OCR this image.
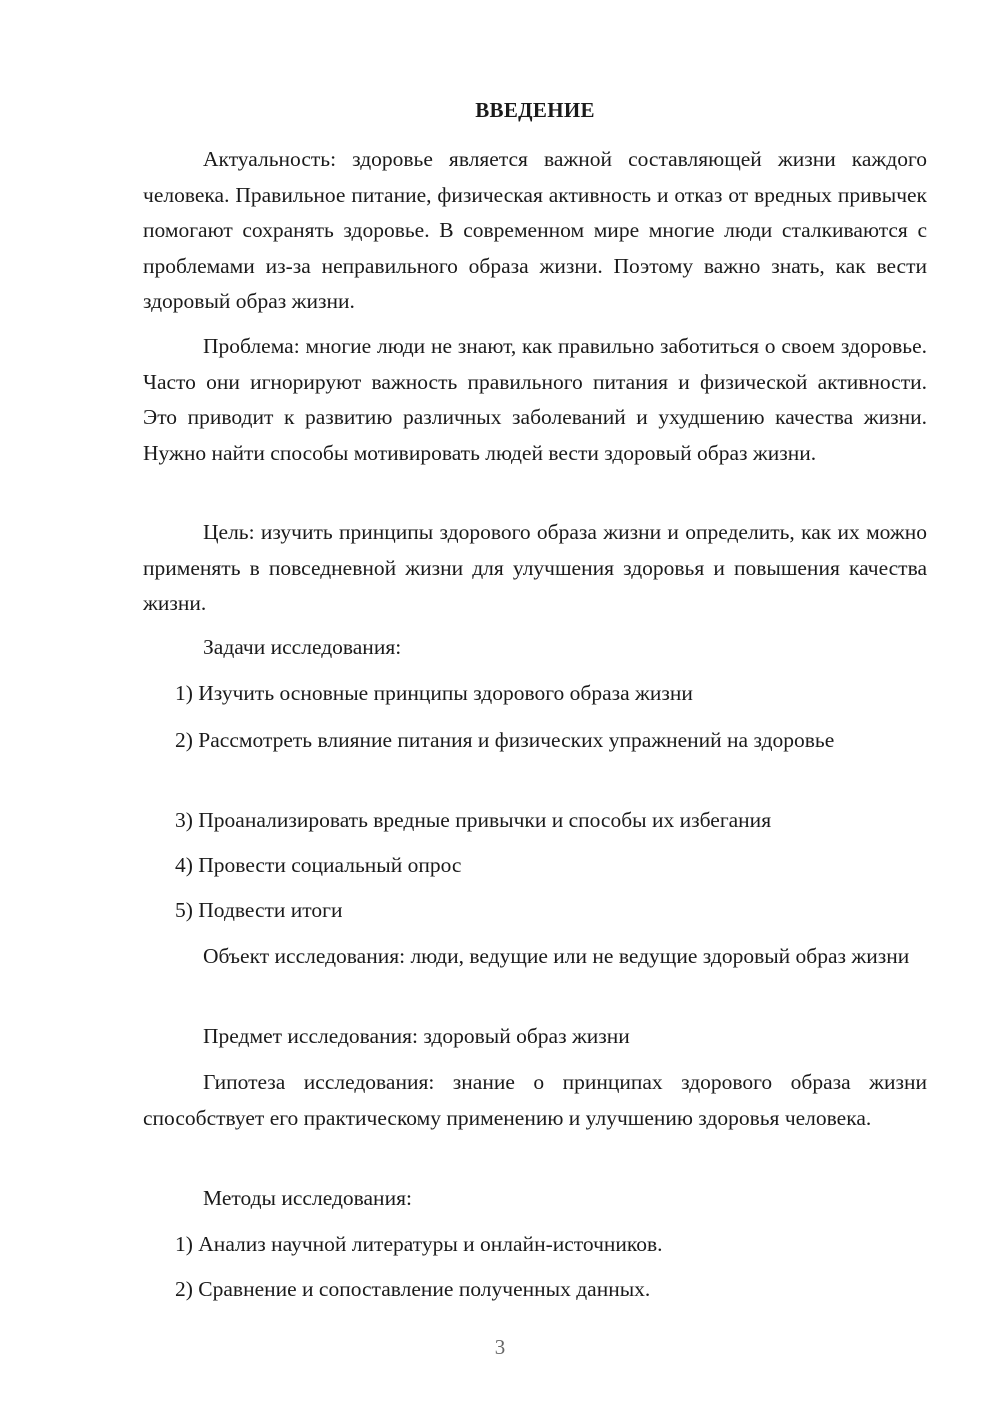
ВВЕДЕНИЕ

Актуальность: здоровье является важной составляющей жизни каждого человека. Правильное питание, физическая активность и отказ от вредных привычек помогают сохранять здоровье. В современном мире многие люди сталкиваются с проблемами из-за неправильного образа жизни. Поэтому важно знать, как вести здоровый образ жизни.

Проблема: многие люди не знают, как правильно заботиться о своем здоровье. Часто они игнорируют важность правильного питания и физической активности. Это приводит к развитию различных заболеваний и ухудшению качества жизни. Нужно найти способы мотивировать людей вести здоровый образ жизни.

Цель: изучить принципы здорового образа жизни и определить, как их можно применять в повседневной жизни для улучшения здоровья и повышения качества жизни.

Задачи исследования:

1) Изучить основные принципы здорового образа жизни

2) Рассмотреть влияние питания и физических упражнений на здоровье

3) Проанализировать вредные привычки и способы их избегания

4) Провести социальный опрос

5) Подвести итоги

Объект исследования: люди, ведущие или не ведущие здоровый образ жизни

Предмет исследования: здоровый образ жизни

Гипотеза исследования: знание о принципах здорового образа жизни способствует его практическому применению и улучшению здоровья человека.

Методы исследования:

1) Анализ научной литературы и онлайн-источников.

2) Сравнение и сопоставление полученных данных.

3
